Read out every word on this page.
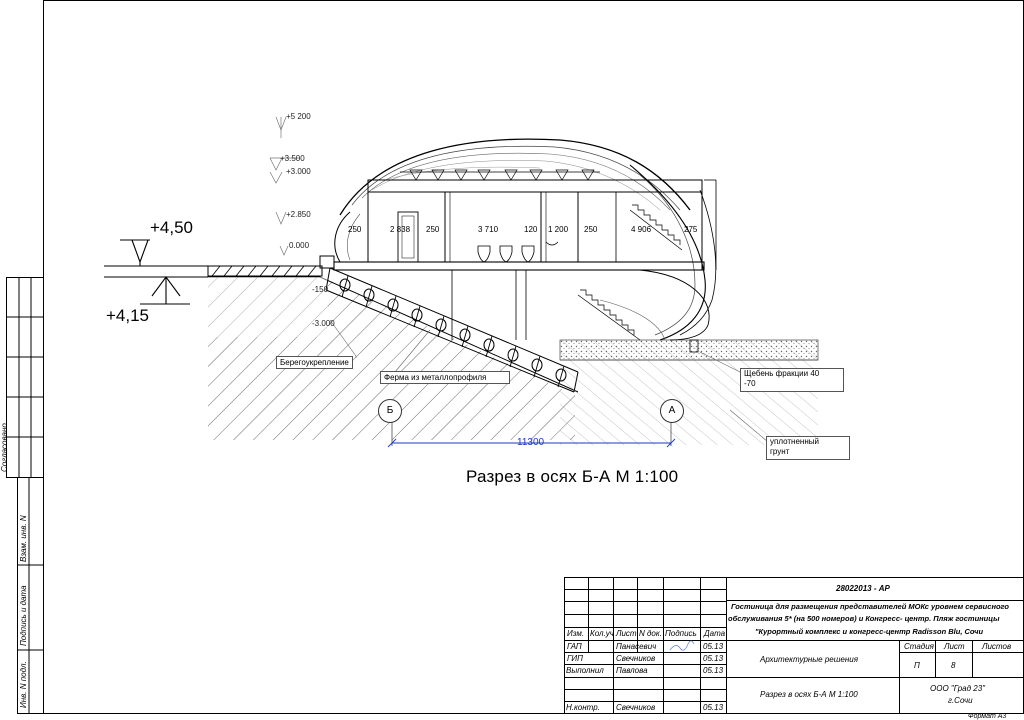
+5 200
+3.500
+3.000
+2.850
0.000
-150
-3.000
+4,50
+4,15
250	2 838 250	3 710	120 1 200 250	4 906	275
Берегоукрепление
Ферма из металлопрофиля	Щебень фракции 40
-70
уплотненный
грунт
Б	А
11300
Разрез в осях Б-А М 1:100
Согласовано
Взам. инв. N
Подпись и дата
Инв. N подл.
28022013 - АР
Гостиница для размещения представителей МОКс уровнем сервисного
обслуживания 5* (на 500 номеров) и Конгресс- центр. Пляж гостиницы
"Курортный комплекс и конгресс-центр Radisson Blu, Сочи
Изм. Кол.уч Лист N док. Подпись Дата
ГАП	Панасевич	05.13
ГИП	Свечников	05.13
Выполнил Павлова	05.13
Н.контр. Свечников	05.13
Архитектурные решения
Стадия Лист Листов
П	8
Разрез в осях Б-А М 1:100
ООО "Град 23"
г.Сочи
Формат А3
